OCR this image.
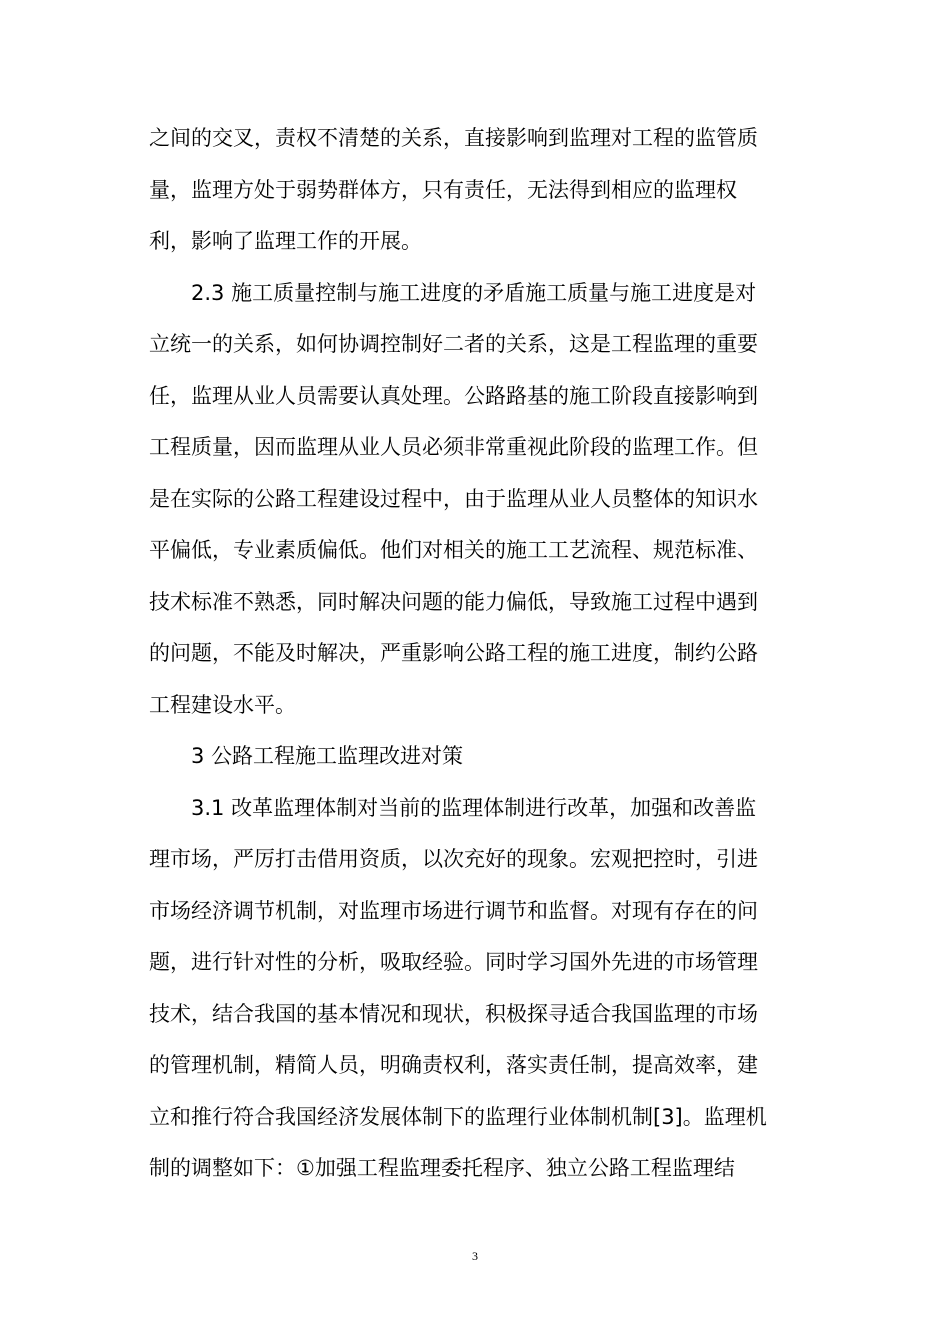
之间的交叉，责权不清楚的关系，直接影响到监理对工程的监管质
量，监理方处于弱势群体方，只有责任，无法得到相应的监理权
利，影响了监理工作的开展。
2.3 施工质量控制与施工进度的矛盾施工质量与施工进度是对
立统一的关系，如何协调控制好二者的关系，这是工程监理的重要
任，监理从业人员需要认真处理。公路路基的施工阶段直接影响到
工程质量，因而监理从业人员必须非常重视此阶段的监理工作。但
是在实际的公路工程建设过程中，由于监理从业人员整体的知识水
平偏低，专业素质偏低。他们对相关的施工工艺流程、规范标准、
技术标准不熟悉，同时解决问题的能力偏低，导致施工过程中遇到
的问题，不能及时解决，严重影响公路工程的施工进度，制约公路
工程建设水平。
3 公路工程施工监理改进对策
3.1 改革监理体制对当前的监理体制进行改革，加强和改善监
理市场，严厉打击借用资质，以次充好的现象。宏观把控时，引进
市场经济调节机制，对监理市场进行调节和监督。对现有存在的问
题，进行针对性的分析，吸取经验。同时学习国外先进的市场管理
技术，结合我国的基本情况和现状，积极探寻适合我国监理的市场
的管理机制，精简人员，明确责权利，落实责任制，提高效率，建
立和推行符合我国经济发展体制下的监理行业体制机制[3]。监理机
制的调整如下：①加强工程监理委托程序、独立公路工程监理结
3
